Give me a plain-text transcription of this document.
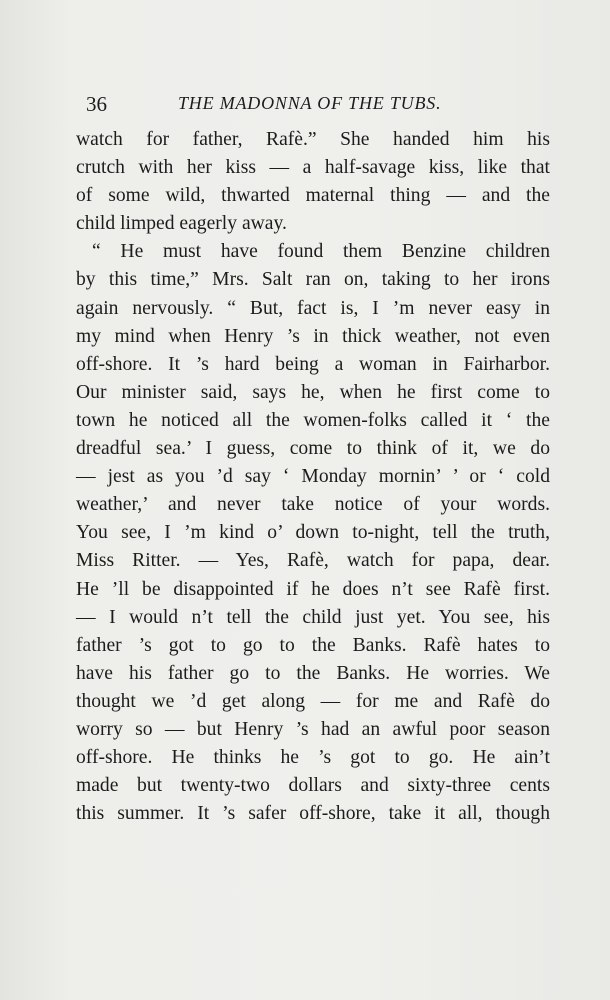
36	THE MADONNA OF THE TUBS.
watch for father, Rafè.” She handed him his
crutch with her kiss — a half-savage kiss, like that
of some wild, thwarted maternal thing — and the
child limped eagerly away.
“ He must have found them Benzine children
by this time,” Mrs. Salt ran on, taking to her irons
again nervously. “ But, fact is, I ’m never easy in
my mind when Henry ’s in thick weather, not even
off-shore. It ’s hard being a woman in Fairharbor.
Our minister said, says he, when he first come to
town he noticed all the women-folks called it ‘ the
dreadful sea.’ I guess, come to think of it, we do
— jest as you ’d say ‘ Monday mornin’ ’ or ‘ cold
weather,’ and never take notice of your words.
You see, I ’m kind o’ down to-night, tell the truth,
Miss Ritter. — Yes, Rafè, watch for papa, dear.
He ’ll be disappointed if he does n’t see Rafè first.
— I would n’t tell the child just yet. You see, his
father ’s got to go to the Banks. Rafè hates to
have his father go to the Banks. He worries. We
thought we ’d get along — for me and Rafè do
worry so — but Henry ’s had an awful poor season
off-shore. He thinks he ’s got to go. He ain’t
made but twenty-two dollars and sixty-three cents
this summer. It ’s safer off-shore, take it all, though
